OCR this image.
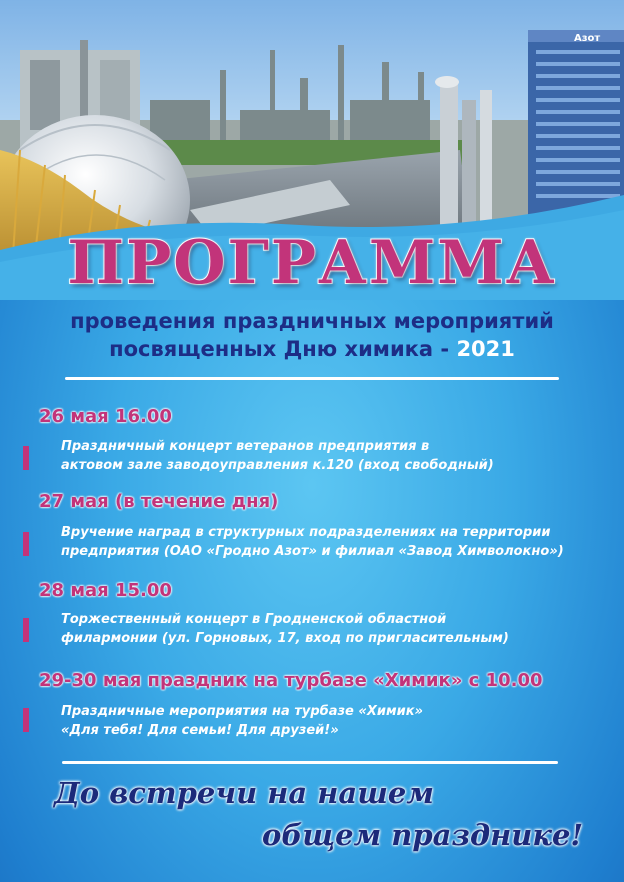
Азот
ПРОГРАММА
проведения праздничных мероприятий
посвященных Дню химика - 2021
26 мая 16.00
Праздничный концерт ветеранов предприятия в
актовом зале заводоуправления к.120 (вход свободный)
27 мая (в течение дня)
Вручение наград в структурных подразделениях на территории
предприятия (ОАО «Гродно Азот» и филиал «Завод Химволокно»)
28 мая 15.00
Торжественный концерт в Гродненской областной
филармонии (ул. Горновых, 17, вход по пригласительным)
29-30 мая праздник на турбазе «Химик» с 10.00
Праздничные мероприятия на турбазе «Химик»
«Для тебя! Для семьи! Для друзей!»
До встречи на нашем
общем празднике!
